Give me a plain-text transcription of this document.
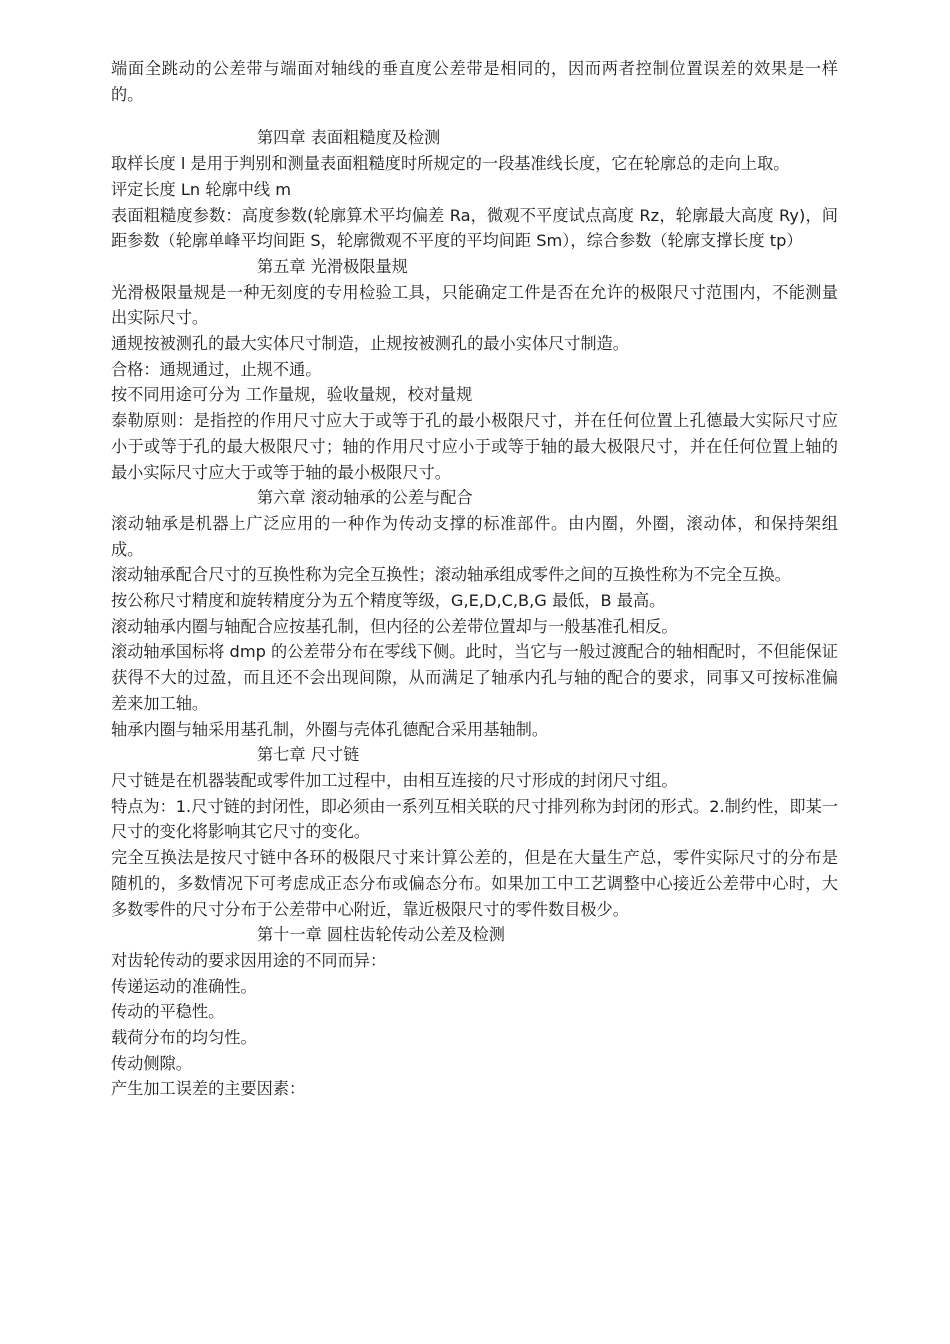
端面全跳动的公差带与端面对轴线的垂直度公差带是相同的，因而两者控制位置误差的效果是一样的。

第四章 表面粗糙度及检测

取样长度 l 是用于判别和测量表面粗糙度时所规定的一段基准线长度，它在轮廓总的走向上取。

评定长度 Ln 轮廓中线 m

表面粗糙度参数：高度参数(轮廓算术平均偏差 Ra，微观不平度试点高度 Rz，轮廓最大高度 Ry)，间距参数（轮廓单峰平均间距 S，轮廓微观不平度的平均间距 Sm），综合参数（轮廓支撑长度 tp）

第五章 光滑极限量规

光滑极限量规是一种无刻度的专用检验工具，只能确定工件是否在允许的极限尺寸范围内，不能测量出实际尺寸。

通规按被测孔的最大实体尺寸制造，止规按被测孔的最小实体尺寸制造。

合格：通规通过，止规不通。

按不同用途可分为 工作量规，验收量规，校对量规

泰勒原则：是指控的作用尺寸应大于或等于孔的最小极限尺寸，并在任何位置上孔德最大实际尺寸应小于或等于孔的最大极限尺寸；轴的作用尺寸应小于或等于轴的最大极限尺寸，并在任何位置上轴的最小实际尺寸应大于或等于轴的最小极限尺寸。

第六章 滚动轴承的公差与配合

滚动轴承是机器上广泛应用的一种作为传动支撑的标准部件。由内圈，外圈，滚动体，和保持架组成。

滚动轴承配合尺寸的互换性称为完全互换性；滚动轴承组成零件之间的互换性称为不完全互换。

按公称尺寸精度和旋转精度分为五个精度等级，G,E,D,C,B,G 最低，B 最高。

滚动轴承内圈与轴配合应按基孔制，但内径的公差带位置却与一般基准孔相反。

滚动轴承国标将 dmp 的公差带分布在零线下侧。此时，当它与一般过渡配合的轴相配时，不但能保证获得不大的过盈，而且还不会出现间隙，从而满足了轴承内孔与轴的配合的要求，同事又可按标准偏差来加工轴。

轴承内圈与轴采用基孔制，外圈与壳体孔德配合采用基轴制。

第七章 尺寸链

尺寸链是在机器装配或零件加工过程中，由相互连接的尺寸形成的封闭尺寸组。

特点为：1.尺寸链的封闭性，即必须由一系列互相关联的尺寸排列称为封闭的形式。2.制约性，即某一尺寸的变化将影响其它尺寸的变化。

完全互换法是按尺寸链中各环的极限尺寸来计算公差的，但是在大量生产总，零件实际尺寸的分布是随机的，多数情况下可考虑成正态分布或偏态分布。如果加工中工艺调整中心接近公差带中心时，大多数零件的尺寸分布于公差带中心附近，靠近极限尺寸的零件数目极少。

第十一章 圆柱齿轮传动公差及检测

对齿轮传动的要求因用途的不同而异：

传递运动的准确性。

传动的平稳性。

载荷分布的均匀性。

传动侧隙。

产生加工误差的主要因素：
